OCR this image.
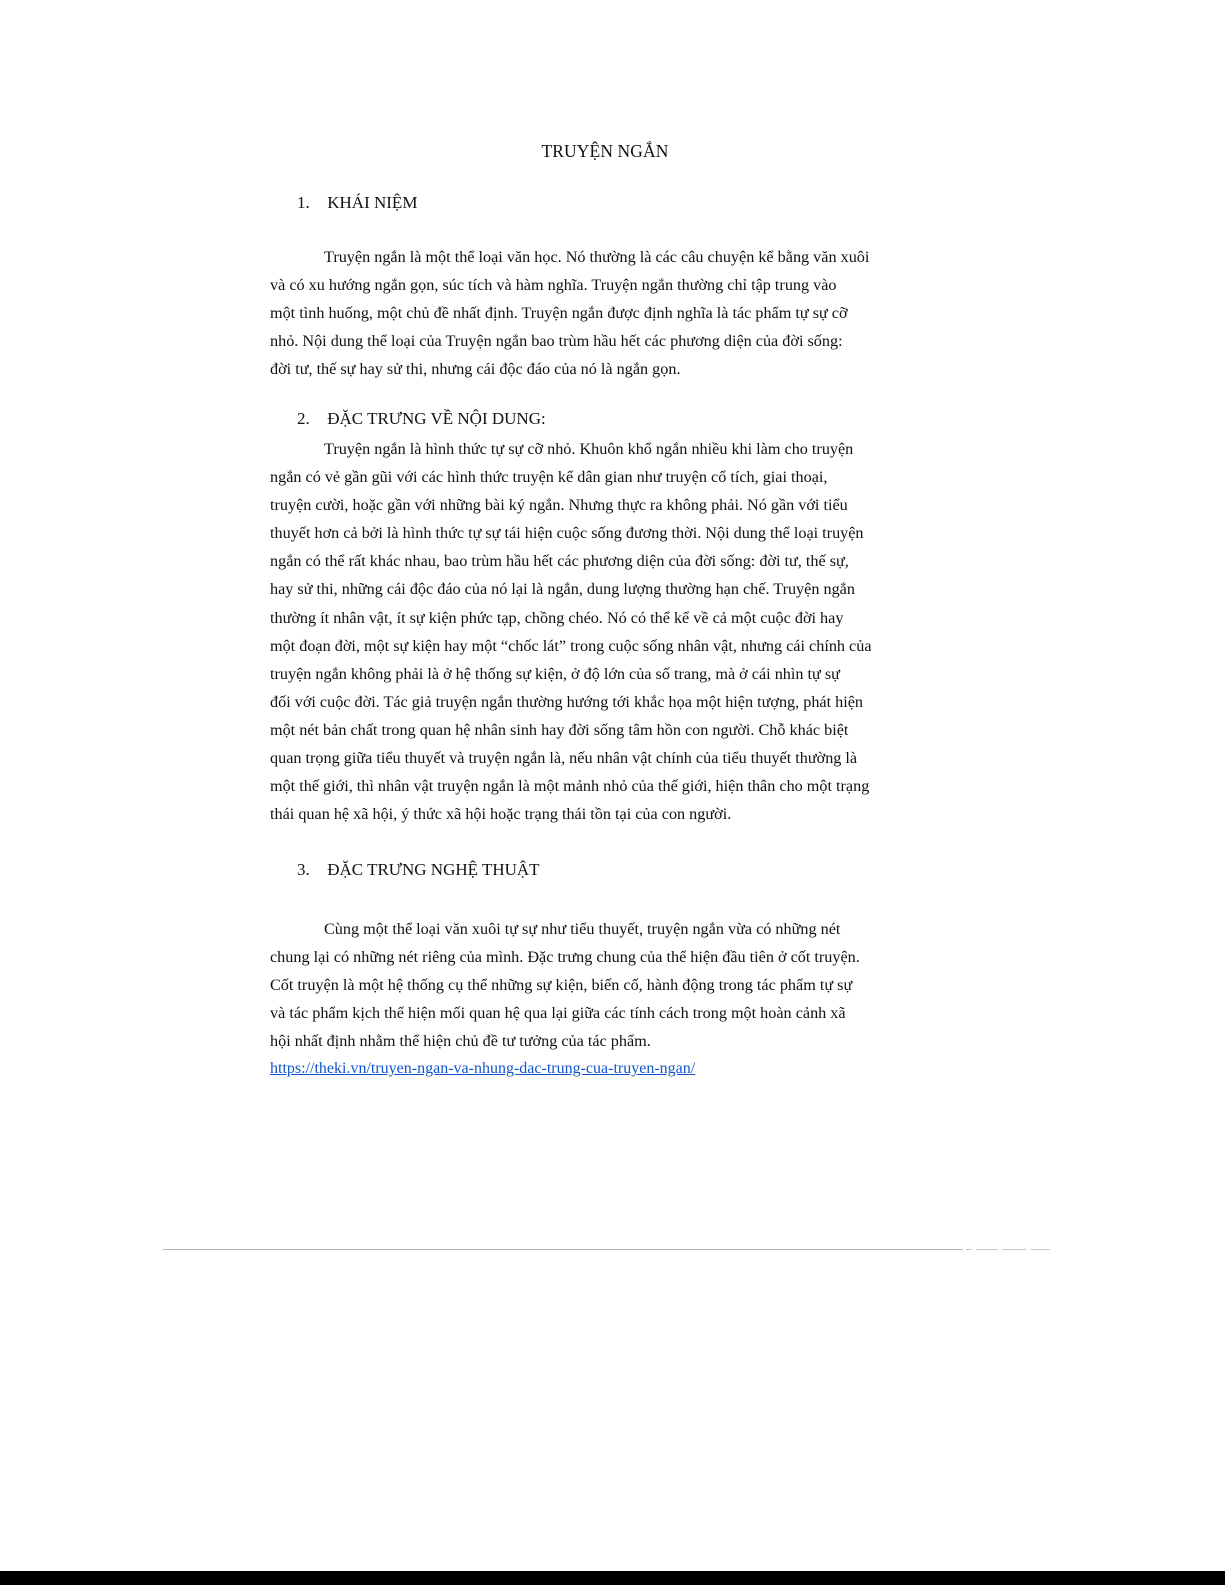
TRUYỆN NGẮN
1. KHÁI NIỆM
Truyện ngắn là một thể loại văn học. Nó thường là các câu chuyện kể bằng văn xuôi
và có xu hướng ngắn gọn, súc tích và hàm nghĩa. Truyện ngắn thường chỉ tập trung vào
một tình huống, một chủ đề nhất định. Truyện ngắn được định nghĩa là tác phẩm tự sự cỡ
nhỏ. Nội dung thể loại của Truyện ngắn bao trùm hầu hết các phương diện của đời sống:
đời tư, thế sự hay sử thi, nhưng cái độc đáo của nó là ngắn gọn.
2. ĐẶC TRƯNG VỀ NỘI DUNG:
Truyện ngắn là hình thức tự sự cỡ nhỏ. Khuôn khổ ngắn nhiều khi làm cho truyện
ngắn có vẻ gần gũi với các hình thức truyện kể dân gian như truyện cổ tích, giai thoại,
truyện cười, hoặc gần với những bài ký ngắn. Nhưng thực ra không phải. Nó gần với tiểu
thuyết hơn cả bởi là hình thức tự sự tái hiện cuộc sống đương thời. Nội dung thể loại truyện
ngắn có thể rất khác nhau, bao trùm hầu hết các phương diện của đời sống: đời tư, thế sự,
hay sử thi, những cái độc đáo của nó lại là ngắn, dung lượng thường hạn chế. Truyện ngắn
thường ít nhân vật, ít sự kiện phức tạp, chồng chéo. Nó có thể kể về cả một cuộc đời hay
một đoạn đời, một sự kiện hay một “chốc lát” trong cuộc sống nhân vật, nhưng cái chính của
truyện ngắn không phải là ở hệ thống sự kiện, ở độ lớn của số trang, mà ở cái nhìn tự sự
đối với cuộc đời. Tác giả truyện ngắn thường hướng tới khắc họa một hiện tượng, phát hiện
một nét bản chất trong quan hệ nhân sinh hay đời sống tâm hồn con người. Chỗ khác biệt
quan trọng giữa tiểu thuyết và truyện ngắn là, nếu nhân vật chính của tiểu thuyết thường là
một thế giới, thì nhân vật truyện ngắn là một mảnh nhỏ của thế giới, hiện thân cho một trạng
thái quan hệ xã hội, ý thức xã hội hoặc trạng thái tồn tại của con người.
3. ĐẶC TRƯNG NGHỆ THUẬT
Cùng một thể loại văn xuôi tự sự như tiểu thuyết, truyện ngắn vừa có những nét
chung lại có những nét riêng của mình. Đặc trưng chung của thể hiện đầu tiên ở cốt truyện.
Cốt truyện là một hệ thống cụ thể những sự kiện, biến cố, hành động trong tác phẩm tự sự
và tác phẩm kịch thể hiện mối quan hệ qua lại giữa các tính cách trong một hoàn cảnh xã
hội nhất định nhằm thể hiện chủ đề tư tưởng của tác phẩm.
https://theki.vn/truyen-ngan-va-nhung-dac-trung-cua-truyen-ngan/
